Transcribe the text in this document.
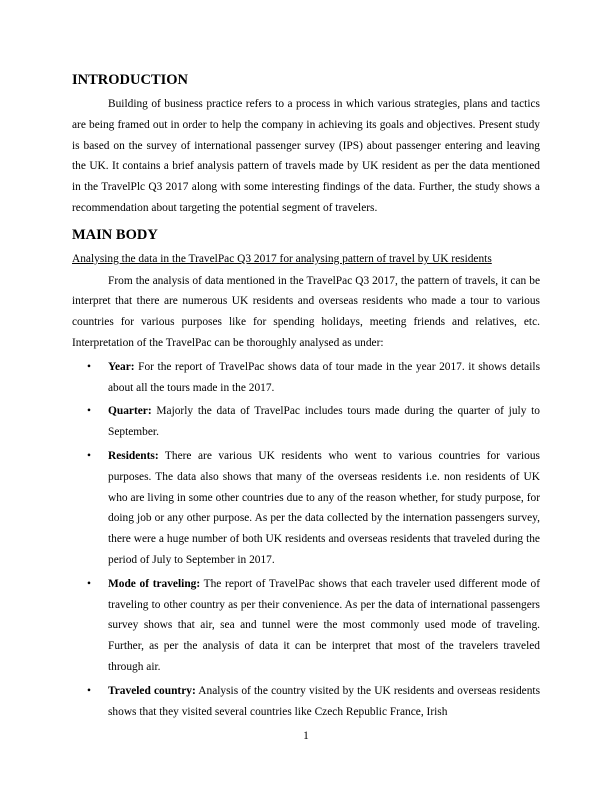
INTRODUCTION

Building of business practice refers to a process in which various strategies, plans and tactics are being framed out in order to help the company in achieving its goals and objectives. Present study is based on the survey of international passenger survey (IPS) about passenger entering and leaving the UK. It contains a brief analysis pattern of travels made by UK resident as per the data mentioned in the TravelPlc Q3 2017 along with some interesting findings of the data. Further, the study shows a recommendation about targeting the potential segment of travelers.

MAIN BODY

Analysing the data in the TravelPac Q3 2017 for analysing pattern of travel by UK residents

From the analysis of data mentioned in the TravelPac Q3 2017, the pattern of travels, it can be interpret that there are numerous UK residents and overseas residents who made a tour to various countries for various purposes like for spending holidays, meeting friends and relatives, etc. Interpretation of the TravelPac can be thoroughly analysed as under:

• Year: For the report of TravelPac shows data of tour made in the year 2017. it shows details about all the tours made in the 2017.
• Quarter: Majorly the data of TravelPac includes tours made during the quarter of july to September.
• Residents: There are various UK residents who went to various countries for various purposes. The data also shows that many of the overseas residents i.e. non residents of UK who are living in some other countries due to any of the reason whether, for study purpose, for doing job or any other purpose. As per the data collected by the internation passengers survey, there were a huge number of both UK residents and overseas residents that traveled during the period of July to September in 2017.
• Mode of traveling: The report of TravelPac shows that each traveler used different mode of traveling to other country as per their convenience. As per the data of international passengers survey shows that air, sea and tunnel were the most commonly used mode of traveling. Further, as per the analysis of data it can be interpret that most of the travelers traveled through air.
• Traveled country: Analysis of the country visited by the UK residents and overseas residents shows that they visited several countries like Czech Republic France, Irish
1
